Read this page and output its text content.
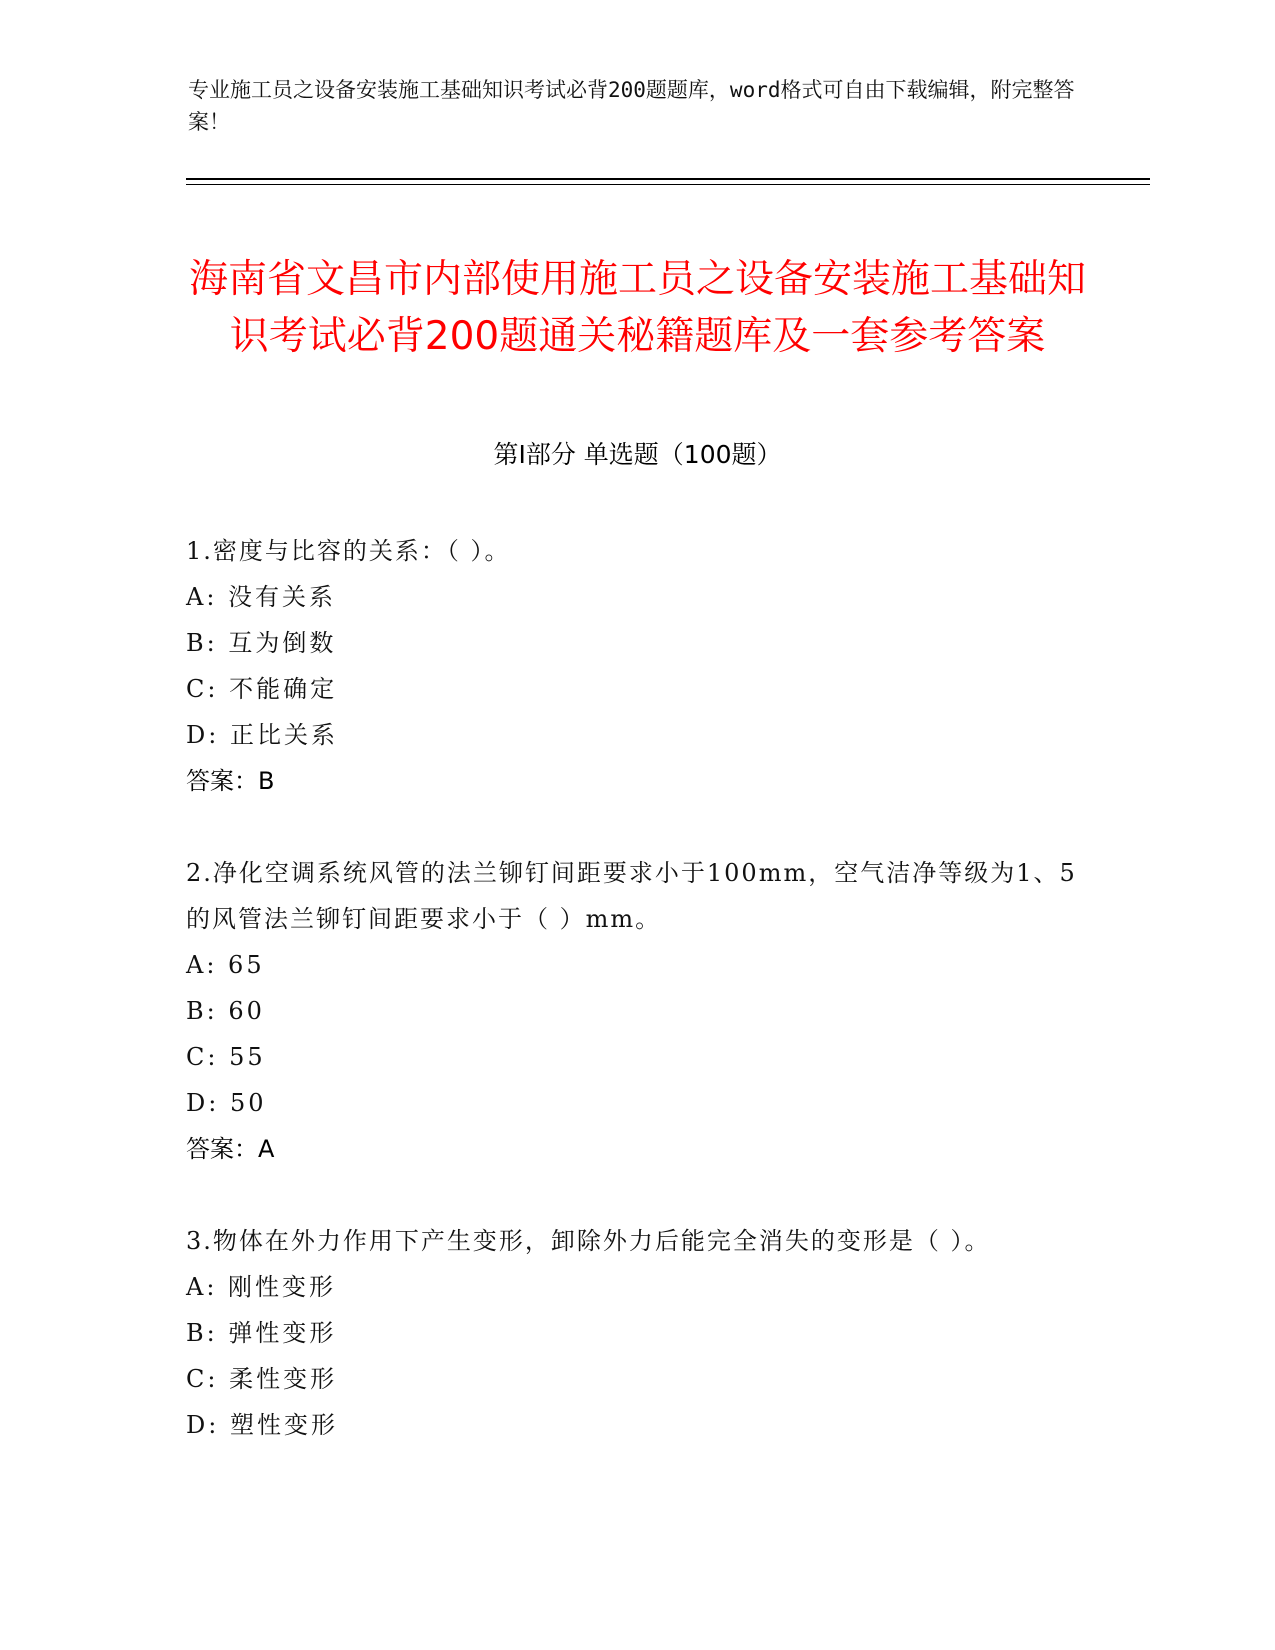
专业施工员之设备安装施工基础知识考试必背200题题库，word格式可自由下载编辑，附完整答案！
海南省文昌市内部使用施工员之设备安装施工基础知识考试必背200题通关秘籍题库及一套参考答案
第Ⅰ部分 单选题（100题）
1.密度与比容的关系：（ ）。
A: 没有关系
B: 互为倒数
C: 不能确定
D: 正比关系
答案：B
2.净化空调系统风管的法兰铆钉间距要求小于100mm，空气洁净等级为1、5的风管法兰铆钉间距要求小于（ ）mm。
A: 65
B: 60
C: 55
D: 50
答案：A
3.物体在外力作用下产生变形，卸除外力后能完全消失的变形是（ ）。
A: 刚性变形
B: 弹性变形
C: 柔性变形
D: 塑性变形
